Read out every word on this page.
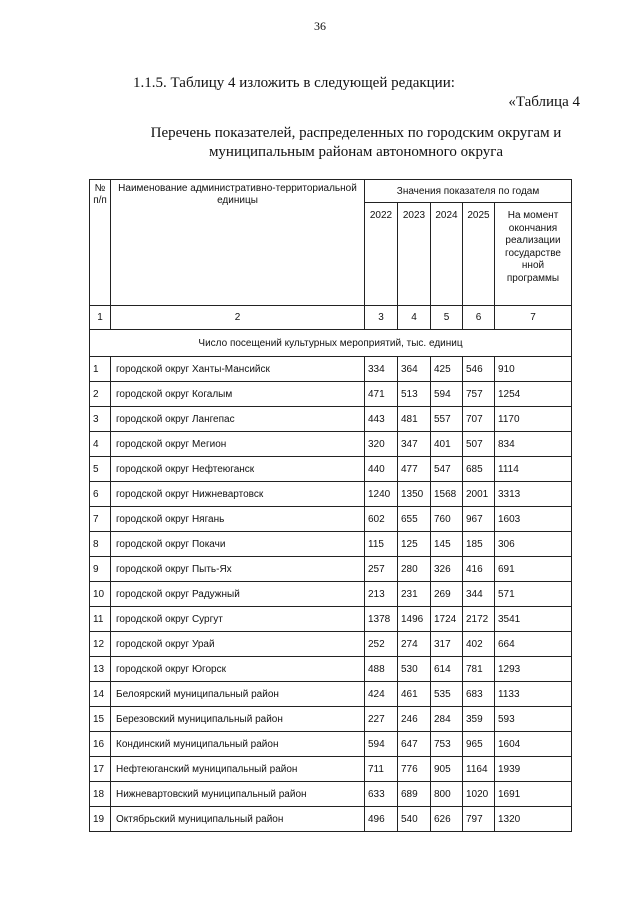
36
1.1.5. Таблицу 4 изложить в следующей редакции:
«Таблица 4
Перечень показателей, распределенных по городским округам и
муниципальным районам автономного округа
№ п/п	Наименование административно-территориальной единицы	Значения показателя по годам				
		2022	2023	2024	2025	На момент окончания реализации государстве нной программы
1	2	3	4	5	6	7
Число посещений культурных мероприятий, тыс. единиц						
1	городской округ Ханты-Мансийск	334	364	425	546	910
2	городской округ Когалым	471	513	594	757	1254
3	городской округ Лангепас	443	481	557	707	1170
4	городской округ Мегион	320	347	401	507	834
5	городской округ Нефтеюганск	440	477	547	685	1114
6	городской округ Нижневартовск	1240	1350	1568	2001	3313
7	городской округ Нягань	602	655	760	967	1603
8	городской округ Покачи	115	125	145	185	306
9	городской округ Пыть-Ях	257	280	326	416	691
10	городской округ Радужный	213	231	269	344	571
11	городской округ Сургут	1378	1496	1724	2172	3541
12	городской округ Урай	252	274	317	402	664
13	городской округ Югорск	488	530	614	781	1293
14	Белоярский муниципальный район	424	461	535	683	1133
15	Березовский муниципальный район	227	246	284	359	593
16	Кондинский муниципальный район	594	647	753	965	1604
17	Нефтеюганский муниципальный район	711	776	905	1164	1939
18	Нижневартовский муниципальный район	633	689	800	1020	1691
19	Октябрьский муниципальный район	496	540	626	797	1320
